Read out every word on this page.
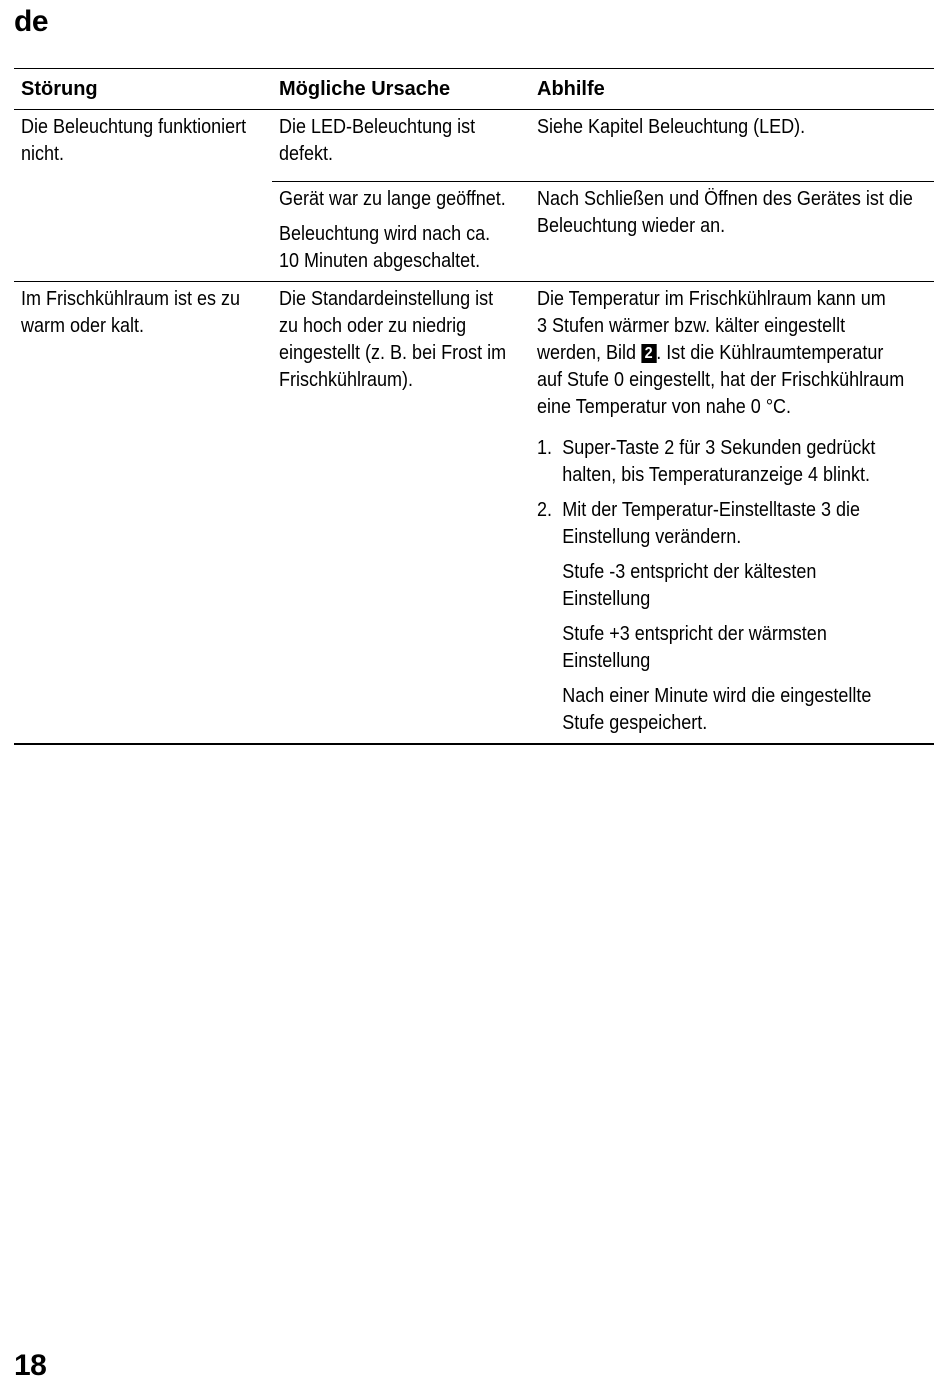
de
Störung	Mögliche Ursache	Abhilfe

Die Beleuchtung funktioniert

nicht.

Die LED-Beleuchtung ist

defekt.

Siehe Kapitel Beleuchtung (LED).

Gerät war zu lange geöffnet.

Beleuchtung wird nach ca.

10 Minuten abgeschaltet.

Nach Schließen und Öffnen des Gerätes ist die

Beleuchtung wieder an.

Im Frischkühlraum ist es zu

warm oder kalt.

Die Standardeinstellung ist

zu hoch oder zu niedrig

eingestellt (z. B. bei Frost im

Frischkühlraum).

Die Temperatur im Frischkühlraum kann um

3 Stufen wärmer bzw. kälter eingestellt

werden, Bild 2 . Ist die Kühlraumtemperatur

auf Stufe 0 eingestellt, hat der Frischkühlraum

eine Temperatur von nahe 0 °C.

1. Super-Taste 2 für 3 Sekunden gedrückt
halten, bis Temperaturanzeige 4 blinkt.

2. Mit der Temperatur-Einstelltaste 3 die
Einstellung verändern.

Stufe -3 entspricht der kältesten
Einstellung

Stufe +3 entspricht der wärmsten
Einstellung

Nach einer Minute wird die eingestellte
Stufe gespeichert.

18
